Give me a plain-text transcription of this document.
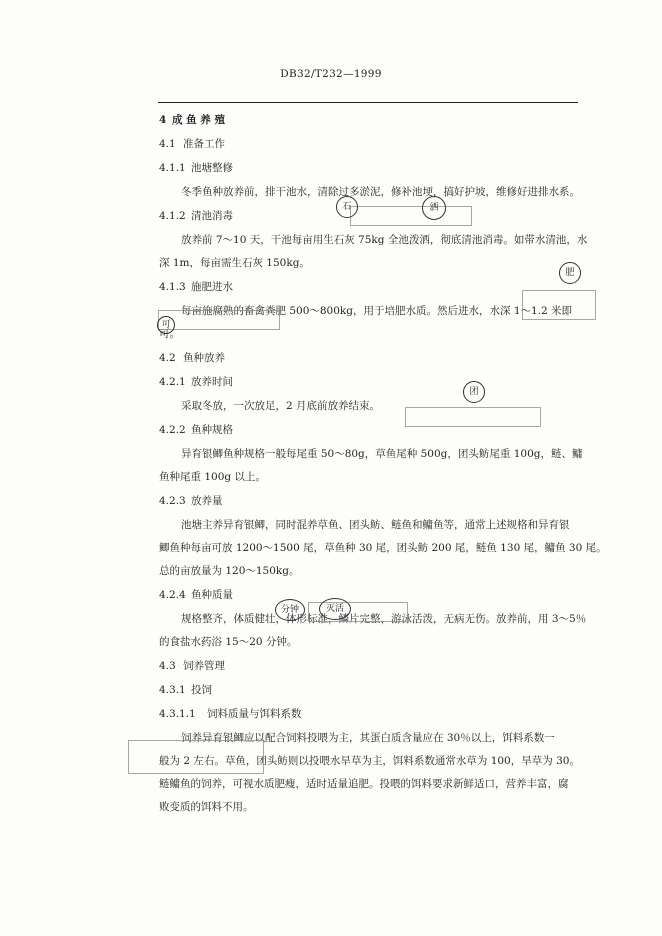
DB32/T232—1999
4 成 鱼 养 殖
4.1 准备工作
4.1.1 池塘整修
冬季鱼种放养前，排干池水，清除过多淤泥，修补池埂，搞好护坡，维修好进排水系。
4.1.2 清池消毒
放养前 7～10 天，干池每亩用生石灰 75kg 全池泼洒，彻底清池消毒。如带水清池，水
深 1m，每亩需生石灰 150kg。
4.1.3 施肥进水
每亩施腐熟的畜禽粪肥 500～800kg，用于培肥水质。然后进水，水深 1～1.2 米即
可。
4.2 鱼种放养
4.2.1 放养时间
采取冬放，一次放足，2 月底前放养结束。
4.2.2 鱼种规格
异育银鲫鱼种规格一般每尾重 50～80g，草鱼尾种 500g，团头鲂尾重 100g，鲢、鳙
鱼种尾重 100g 以上。
4.2.3 放养量
池塘主养异育银鲫，同时混养草鱼、团头鲂、鲢鱼和鳙鱼等，通常上述规格和异育银
鲫鱼种每亩可放 1200～1500 尾，草鱼种 30 尾，团头鲂 200 尾，鲢鱼 130 尾，鳙鱼 30 尾。
总的亩放量为 120～150kg。
4.2.4 鱼种质量
规格整齐，体质健壮，体形标准，鳞片完整，游泳活泼，无病无伤。放养前，用 3～5％
的食盐水药浴 15～20 分钟。
4.3 饲养管理
4.3.1 投饲
4.3.1.1 饲料质量与饵料系数
饲养异育银鲫应以配合饲料投喂为主，其蛋白质含量应在 30％以上，饵料系数一
般为 2 左右。草鱼，团头鲂则以投喂水旱草为主，饵料系数通常水草为 100，旱草为 30。
鲢鳙鱼的饲养，可视水质肥瘦，适时适量追肥。投喂的饵料要求新鲜适口，营养丰富，腐
败变质的饵料不用。
石	洒
肥
可
团
分钟	灭活
